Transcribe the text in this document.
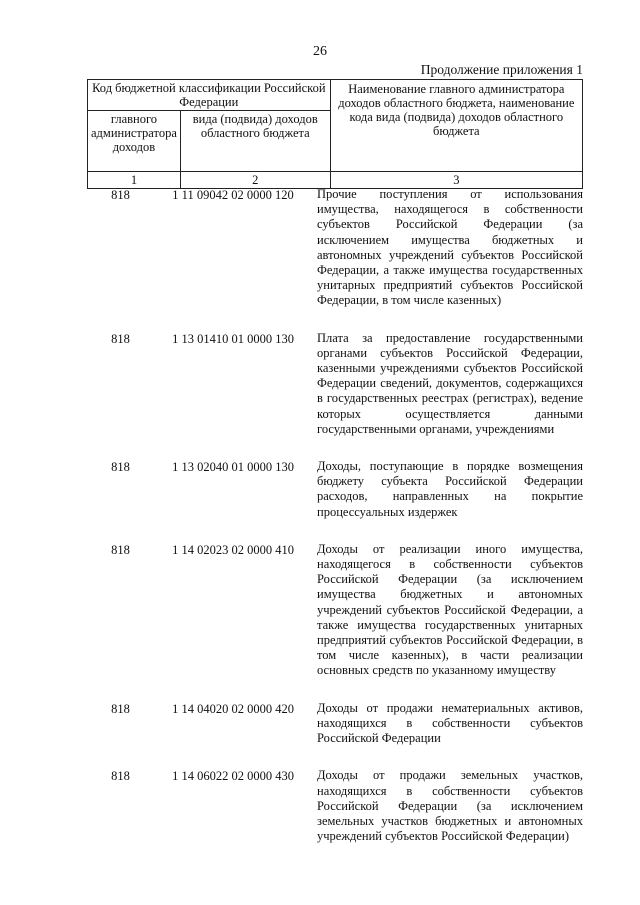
26
Продолжение приложения 1
Код бюджетной классификации Российской Федерации		Наименование главного администратора доходов областного бюджета, наименование кода вида (подвида) доходов областного бюджета
главного администратора доходов	вида (подвида) доходов областного бюджета	
1	2	3
818	1 11 09042 02 0000 120	Прочие поступления от использования имущества, находящегося в собственности субъектов Российской Федерации (за исключением имущества бюджетных и автономных учреждений субъектов Российской Федерации, а также имущества государственных унитарных предприятий субъектов Российской Федерации, в том числе казенных)
818	1 13 01410 01 0000 130	Плата за предоставление государственными органами субъектов Российской Федерации, казенными учреждениями субъектов Российской Федерации сведений, документов, содержащихся в государственных реестрах (регистрах), ведение которых осуществляется данными государственными органами, учреждениями
818	1 13 02040 01 0000 130	Доходы, поступающие в порядке возмещения бюджету субъекта Российской Федерации расходов, направленных на покрытие процессуальных издержек
818	1 14 02023 02 0000 410	Доходы от реализации иного имущества, находящегося в собственности субъектов Российской Федерации (за исключением имущества бюджетных и автономных учреждений субъектов Российской Федерации, а также имущества государственных унитарных предприятий субъектов Российской Федерации, в том числе казенных), в части реализации основных средств по указанному имуществу
818	1 14 04020 02 0000 420	Доходы от продажи нематериальных активов, находящихся в собственности субъектов Российской Федерации
818	1 14 06022 02 0000 430	Доходы от продажи земельных участков, находящихся в собственности субъектов Российской Федерации (за исключением земельных участков бюджетных и автономных учреждений субъектов Российской Федерации)
